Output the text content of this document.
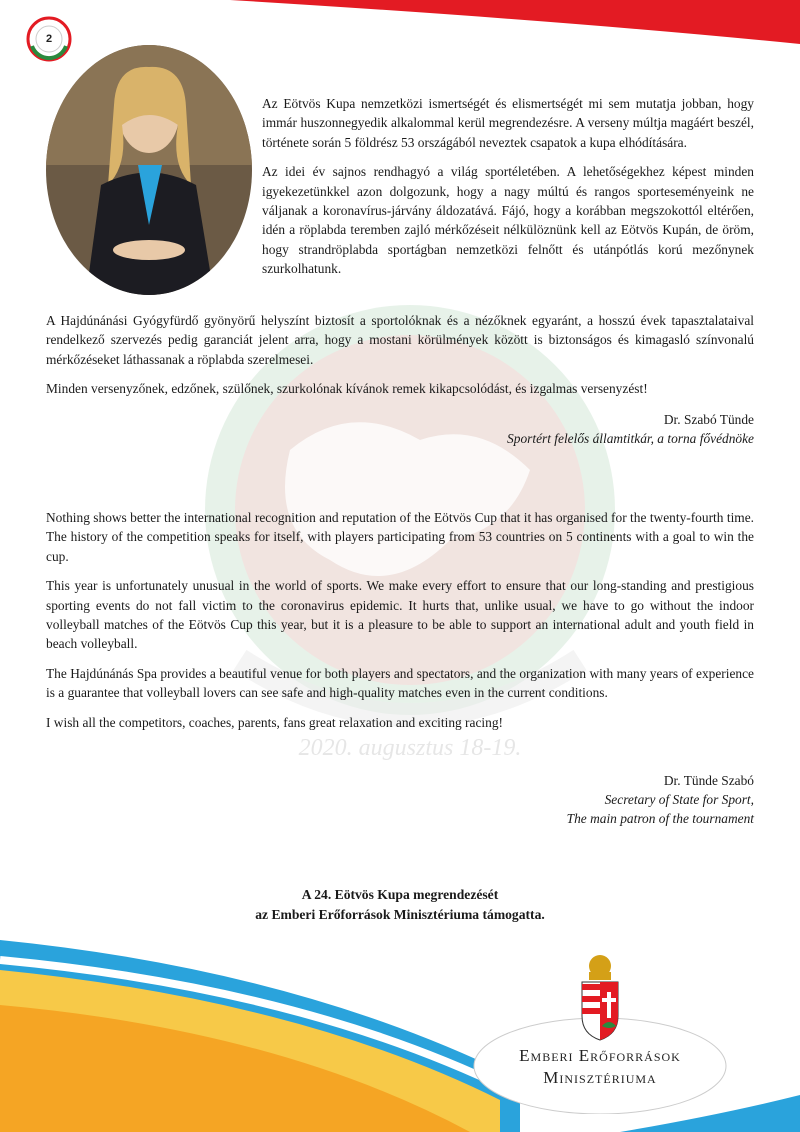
2
2020. augusztus 18-19.

Az Eötvös Kupa nemzetközi ismertségét és elismertségét mi sem mutatja jobban, hogy immár huszonnegyedik alkalommal kerül megrendezésre. A verseny múltja magáért beszél, története során 5 földrész 53 országából neveztek csapatok a kupa elhódítására.

Az idei év sajnos rendhagyó a világ sportéletében. A lehetőségekhez képest minden igyekezetünkkel azon dolgozunk, hogy a nagy múltú és rangos sporteseményeink ne váljanak a koronavírus-járvány áldozatává. Fájó, hogy a korábban megszokottól eltérően, idén a röplabda teremben zajló mérkőzéseit nélkülöznünk kell az Eötvös Kupán, de öröm, hogy strandröplabda sportágban nemzetközi felnőtt és utánpótlás korú mezőnynek szurkolhatunk.

A Hajdúnánási Gyógyfürdő gyönyörű helyszínt biztosít a sportolóknak és a nézőknek egyaránt, a hosszú évek tapasztalataival rendelkező szervezés pedig garanciát jelent arra, hogy a mostani körülmények között is biztonságos és kimagasló színvonalú mérkőzéseket láthassanak a röplabda szerelmesei.

Minden versenyzőnek, edzőnek, szülőnek, szurkolónak kívánok remek kikapcsolódást, és izgalmas versenyzést!

Dr. Szabó Tünde
Sportért felelős államtitkár, a torna fővédnöke

Nothing shows better the international recognition and reputation of the Eötvös Cup that it has organised for the twenty-fourth time. The history of the competition speaks for itself, with players participating from 53 countries on 5 continents with a goal to win the cup.

This year is unfortunately unusual in the world of sports. We make every effort to ensure that our long-standing and prestigious sporting events do not fall victim to the coronavirus epidemic. It hurts that, unlike usual, we have to go without the indoor volleyball matches of the Eötvös Cup this year, but it is a pleasure to be able to support an international adult and youth field in beach volleyball.

The Hajdúnánás Spa provides a beautiful venue for both players and spectators, and the organization with many years of experience is a guarantee that volleyball lovers can see safe and high-quality matches even in the current conditions.

I wish all the competitors, coaches, parents, fans great relaxation and exciting racing!

Dr. Tünde Szabó
Secretary of State for Sport,
The main patron of the tournament
A 24. Eötvös Kupa megrendezését
az Emberi Erőforrások Minisztériuma támogatta.
Emberi Erőforrások
Minisztériuma
